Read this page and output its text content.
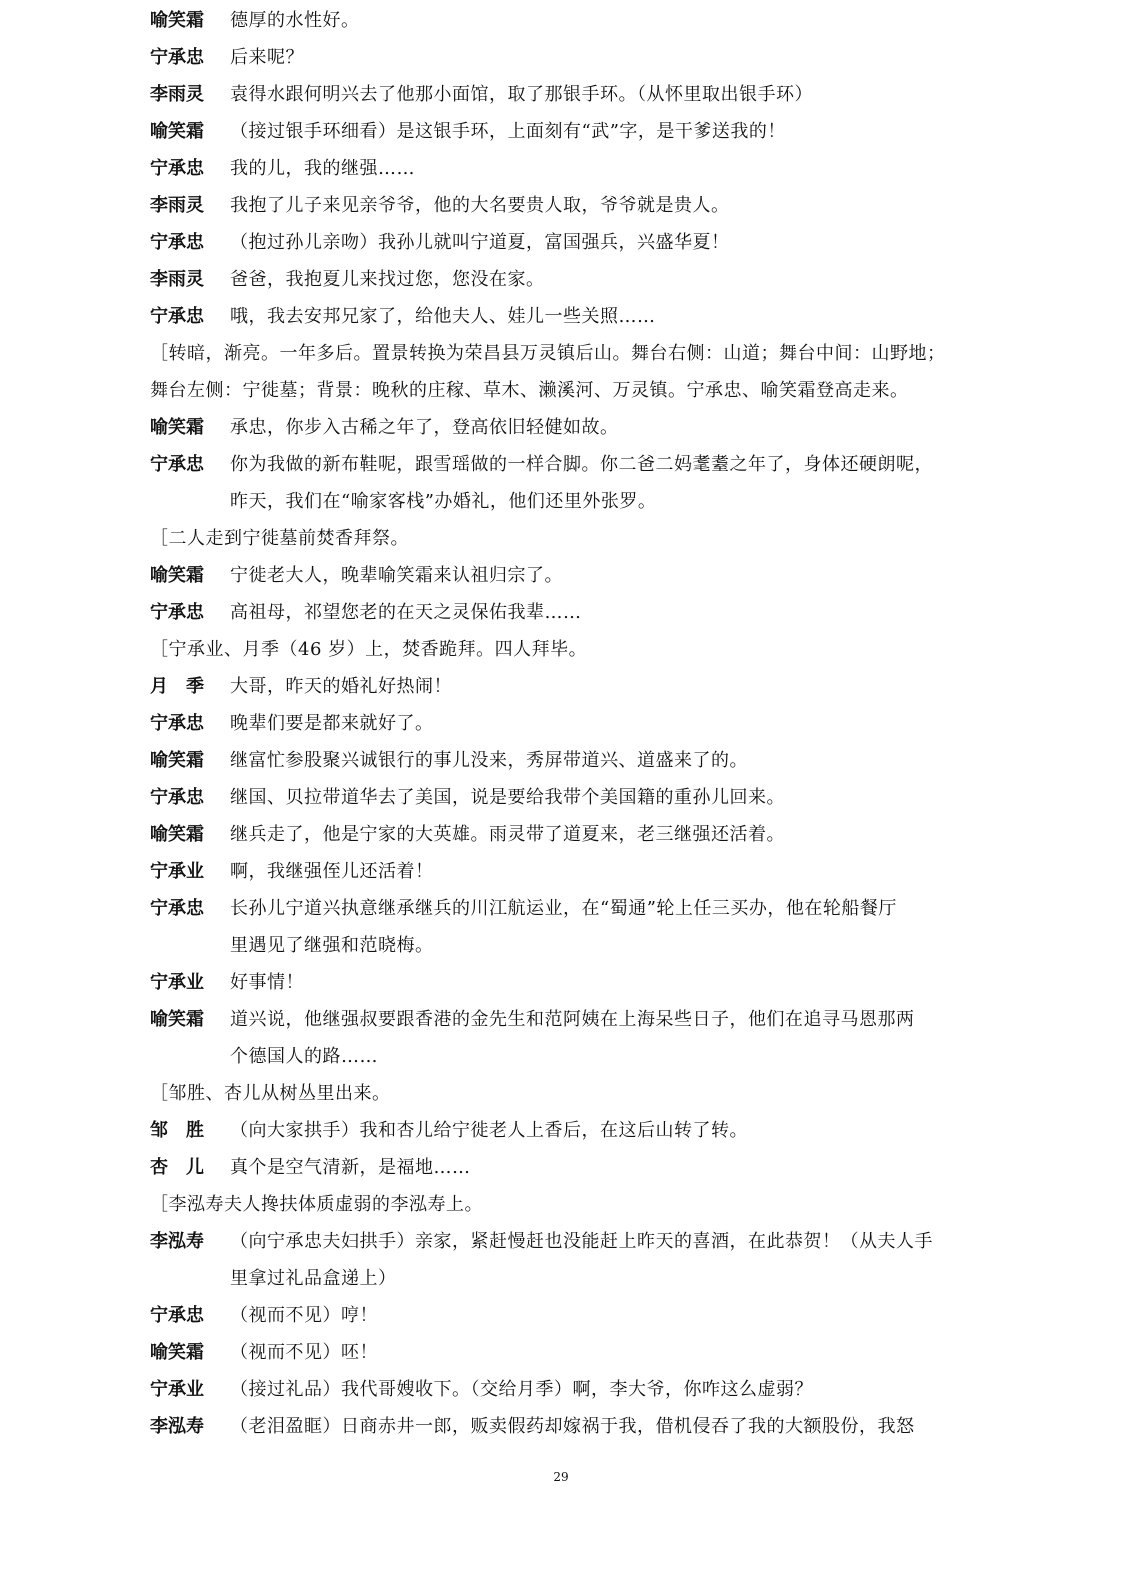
喻笑霜	德厚的水性好。
宁承忠	后来呢？
李雨灵	袁得水跟何明兴去了他那小面馆，取了那银手环。（从怀里取出银手环）
喻笑霜	（接过银手环细看）是这银手环，上面刻有“武”字，是干爹送我的！
宁承忠	我的儿，我的继强……
李雨灵	我抱了儿子来见亲爷爷，他的大名要贵人取，爷爷就是贵人。
宁承忠	（抱过孙儿亲吻）我孙儿就叫宁道夏，富国强兵，兴盛华夏！
李雨灵	爸爸，我抱夏儿来找过您，您没在家。
宁承忠	哦，我去安邦兄家了，给他夫人、娃儿一些关照……
［转暗，渐亮。一年多后。置景转换为荣昌县万灵镇后山。舞台右侧：山道；舞台中间：山野地；
舞台左侧：宁徙墓；背景：晚秋的庄稼、草木、濑溪河、万灵镇。宁承忠、喻笑霜登高走来。
喻笑霜	承忠，你步入古稀之年了，登高依旧轻健如故。
宁承忠	你为我做的新布鞋呢，跟雪瑶做的一样合脚。你二爸二妈耄耋之年了，身体还硬朗呢，
昨天，我们在“喻家客栈”办婚礼，他们还里外张罗。
［二人走到宁徙墓前焚香拜祭。
喻笑霜	宁徙老大人，晚辈喻笑霜来认祖归宗了。
宁承忠	高祖母，祁望您老的在天之灵保佑我辈……
［宁承业、月季（46 岁）上，焚香跪拜。四人拜毕。
月　季	大哥，昨天的婚礼好热闹！
宁承忠	晚辈们要是都来就好了。
喻笑霜	继富忙参股聚兴诚银行的事儿没来，秀屏带道兴、道盛来了的。
宁承忠	继国、贝拉带道华去了美国，说是要给我带个美国籍的重孙儿回来。
喻笑霜	继兵走了，他是宁家的大英雄。雨灵带了道夏来，老三继强还活着。
宁承业	啊，我继强侄儿还活着！
宁承忠	长孙儿宁道兴执意继承继兵的川江航运业，在“蜀通”轮上任三买办，他在轮船餐厅
里遇见了继强和范晓梅。
宁承业	好事情！
喻笑霜	道兴说，他继强叔要跟香港的金先生和范阿姨在上海呆些日子，他们在追寻马恩那两
个德国人的路……
［邹胜、杏儿从树丛里出来。
邹　胜	（向大家拱手）我和杏儿给宁徙老人上香后，在这后山转了转。
杏　儿	真个是空气清新，是福地……
［李泓寿夫人搀扶体质虚弱的李泓寿上。
李泓寿	（向宁承忠夫妇拱手）亲家，紧赶慢赶也没能赶上昨天的喜酒，在此恭贺！（从夫人手
里拿过礼品盒递上）
宁承忠	（视而不见）哼！
喻笑霜	（视而不见）呸！
宁承业	（接过礼品）我代哥嫂收下。（交给月季）啊，李大爷，你咋这么虚弱？
李泓寿	（老泪盈眶）日商赤井一郎，贩卖假药却嫁祸于我，借机侵吞了我的大额股份，我怒
29
